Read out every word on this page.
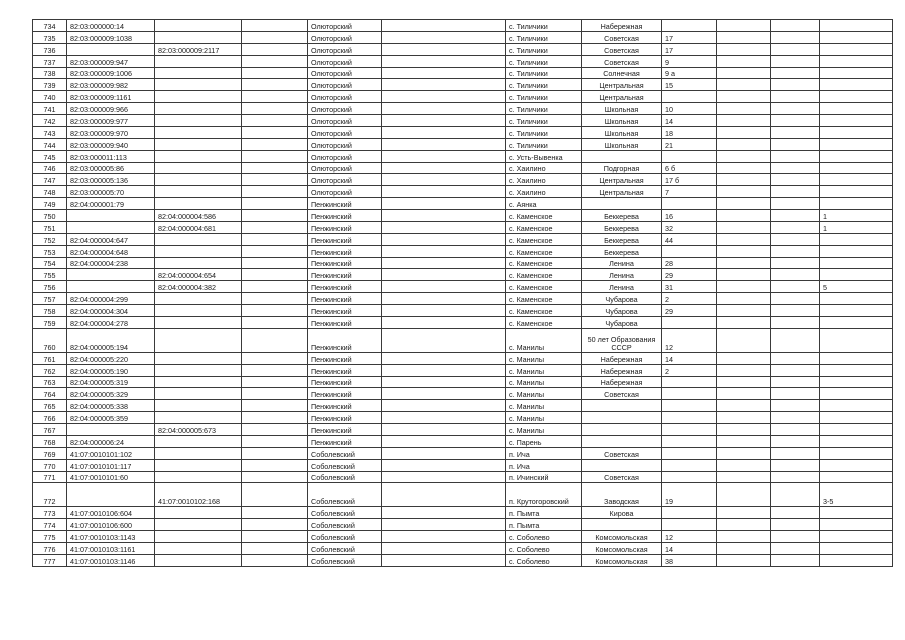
734	82:03:000000:14			Олюторский		с. Тиличики	Набережная				
735	82:03:000009:1038			Олюторский		с. Тиличики	Советская	17			
736		82:03:000009:2117		Олюторский		с. Тиличики	Советская	17			
737	82:03:000009:947			Олюторский		с. Тиличики	Советская	9			
738	82:03:000009:1006			Олюторский		с. Тиличики	Солнечная	9 а			
739	82:03:000009:982			Олюторский		с. Тиличики	Центральная	15			
740	82:03:000009:1161			Олюторский		с. Тиличики	Центральная				
741	82:03:000009:966			Олюторский		с. Тиличики	Школьная	10			
742	82:03:000009:977			Олюторский		с. Тиличики	Школьная	14			
743	82:03:000009:970			Олюторский		с. Тиличики	Школьная	18			
744	82:03:000009:940			Олюторский		с. Тиличики	Школьная	21			
745	82:03:000011:113			Олюторский		с. Усть-Вывенка					
746	82:03:000005:86			Олюторский		с. Хаилино	Подгорная	6 б			
747	82:03:000005:136			Олюторский		с. Хаилино	Центральная	17 б			
748	82:03:000005:70			Олюторский		с. Хаилино	Центральная	7			
749	82:04:000001:79			Пенжинский		с. Аянка					
750		82:04:000004:586		Пенжинский		с. Каменское	Беккерева	16			1
751		82:04:000004:681		Пенжинский		с. Каменское	Беккерева	32			1
752	82:04:000004:647			Пенжинский		с. Каменское	Беккерева	44			
753	82:04:000004:648			Пенжинский		с. Каменское	Беккерева				
754	82:04:000004:238			Пенжинский		с. Каменское	Ленина	28			
755		82:04:000004:654		Пенжинский		с. Каменское	Ленина	29			
756		82:04:000004:382		Пенжинский		с. Каменское	Ленина	31			5
757	82:04:000004:299			Пенжинский		с. Каменское	Чубарова	2			
758	82:04:000004:304			Пенжинский		с. Каменское	Чубарова	29			
759	82:04:000004:278			Пенжинский		с. Каменское	Чубарова				
760	82:04:000005:194			Пенжинский		с. Манилы	50 лет Образования СССР	12			
761	82:04:000005:220			Пенжинский		с. Манилы	Набережная	14			
762	82:04:000005:190			Пенжинский		с. Манилы	Набережная	2			
763	82:04:000005:319			Пенжинский		с. Манилы	Набережная				
764	82:04:000005:329			Пенжинский		с. Манилы	Советская				
765	82:04:000005:338			Пенжинский		с. Манилы					
766	82:04:000005:359			Пенжинский		с. Манилы					
767		82:04:000005:673		Пенжинский		с. Манилы					
768	82:04:000006:24			Пенжинский		с. Парень					
769	41:07:0010101:102			Соболевский		п. Ича	Советская				
770	41:07:0010101:117			Соболевский		п. Ича					
771	41:07:0010101:60			Соболевский		п. Ичинский	Советская				
772		41:07:0010102:168		Соболевский		п. Крутогоровский	Заводская	19			3-5
773	41:07:0010106:604			Соболевский		п. Пымта	Кирова				
774	41:07:0010106:600			Соболевский		п. Пымта					
775	41:07:0010103:1143			Соболевский		с. Соболево	Комсомольская	12			
776	41:07:0010103:1161			Соболевский		с. Соболево	Комсомольская	14			
777	41:07:0010103:1146			Соболевский		с. Соболево	Комсомольская	38			
